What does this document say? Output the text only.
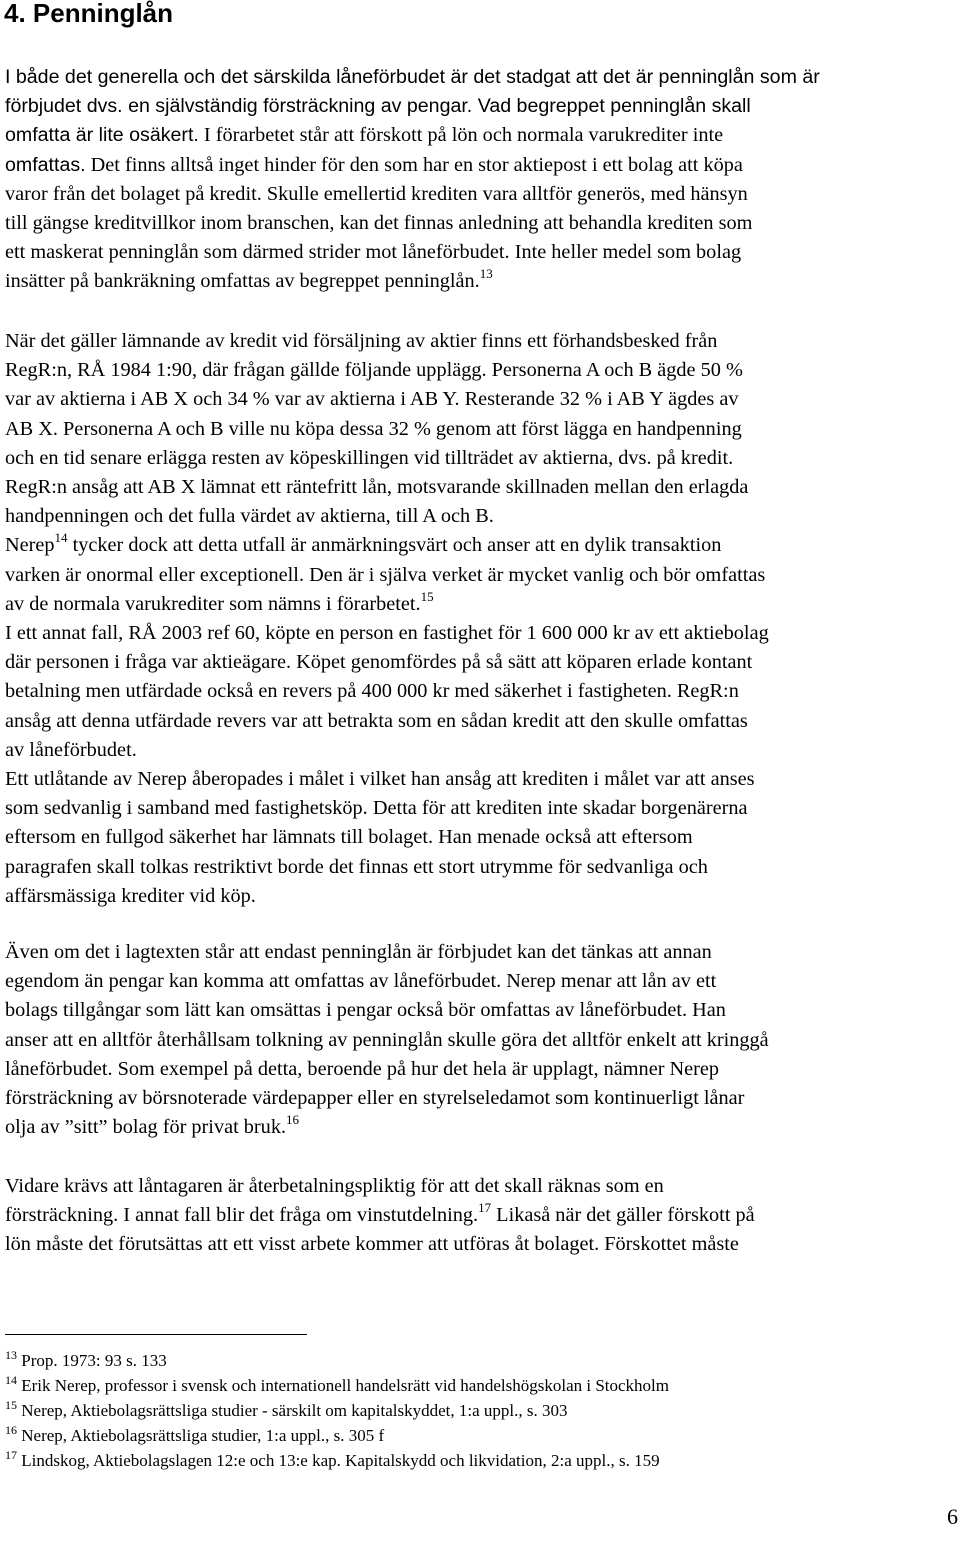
4. Penninglån
I både det generella och det särskilda låneförbudet är det stadgat att det är penninglån som är
förbjudet dvs. en självständig försträckning av pengar. Vad begreppet penninglån skall
omfatta är lite osäkert. I förarbetet står att förskott på lön och normala varukrediter inte
omfattas. Det finns alltså inget hinder för den som har en stor aktiepost i ett bolag att köpa
varor från det bolaget på kredit. Skulle emellertid krediten vara alltför generös, med hänsyn
till gängse kreditvillkor inom branschen, kan det finnas anledning att behandla krediten som
ett maskerat penninglån som därmed strider mot låneförbudet. Inte heller medel som bolag
insätter på bankräkning omfattas av begreppet penninglån.$^{13}$
När det gäller lämnande av kredit vid försäljning av aktier finns ett förhandsbesked från
RegR:n, RÅ 1984 1:90, där frågan gällde följande upplägg. Personerna A och B ägde 50 %
var av aktierna i AB X och 34 % var av aktierna i AB Y. Resterande 32 % i AB Y ägdes av
AB X. Personerna A och B ville nu köpa dessa 32 % genom att först lägga en handpenning
och en tid senare erlägga resten av köpeskillingen vid tillträdet av aktierna, dvs. på kredit.
RegR:n ansåg att AB X lämnat ett räntefritt lån, motsvarande skillnaden mellan den erlagda
handpenningen och det fulla värdet av aktierna, till A och B.
Nerep$^{14}$ tycker dock att detta utfall är anmärkningsvärt och anser att en dylik transaktion
varken är onormal eller exceptionell. Den är i själva verket är mycket vanlig och bör omfattas
av de normala varukrediter som nämns i förarbetet.$^{15}$
I ett annat fall, RÅ 2003 ref 60, köpte en person en fastighet för 1 600 000 kr av ett aktiebolag
där personen i fråga var aktieägare. Köpet genomfördes på så sätt att köparen erlade kontant
betalning men utfärdade också en revers på 400 000 kr med säkerhet i fastigheten. RegR:n
ansåg att denna utfärdade revers var att betrakta som en sådan kredit att den skulle omfattas
av låneförbudet.
Ett utlåtande av Nerep åberopades i målet i vilket han ansåg att krediten i målet var att anses
som sedvanlig i samband med fastighetsköp. Detta för att krediten inte skadar borgenärerna
eftersom en fullgod säkerhet har lämnats till bolaget. Han menade också att eftersom
paragrafen skall tolkas restriktivt borde det finnas ett stort utrymme för sedvanliga och
affärsmässiga krediter vid köp.
Även om det i lagtexten står att endast penninglån är förbjudet kan det tänkas att annan
egendom än pengar kan komma att omfattas av låneförbudet. Nerep menar att lån av ett
bolags tillgångar som lätt kan omsättas i pengar också bör omfattas av låneförbudet. Han
anser att en alltför återhållsam tolkning av penninglån skulle göra det alltför enkelt att kringgå
låneförbudet. Som exempel på detta, beroende på hur det hela är upplagt, nämner Nerep
försträckning av börsnoterade värdepapper eller en styrelseledamot som kontinuerligt lånar
olja av ”sitt” bolag för privat bruk.$^{16}$
Vidare krävs att låntagaren är återbetalningspliktig för att det skall räknas som en
försträckning. I annat fall blir det fråga om vinstutdelning.$^{17}$ Likaså när det gäller förskott på
lön måste det förutsättas att ett visst arbete kommer att utföras åt bolaget. Förskottet måste

$^{13}$ Prop. 1973: 93 s. 133

$^{14}$ Erik Nerep, professor i svensk och internationell handelsrätt vid handelshögskolan i Stockholm

$^{15}$ Nerep, Aktiebolagsrättsliga studier - särskilt om kapitalskyddet, 1:a uppl., s. 303

$^{16}$ Nerep, Aktiebolagsrättsliga studier, 1:a uppl., s. 305 f

$^{17}$ Lindskog, Aktiebolagslagen 12:e och 13:e kap. Kapitalskydd och likvidation, 2:a uppl., s. 159

6
